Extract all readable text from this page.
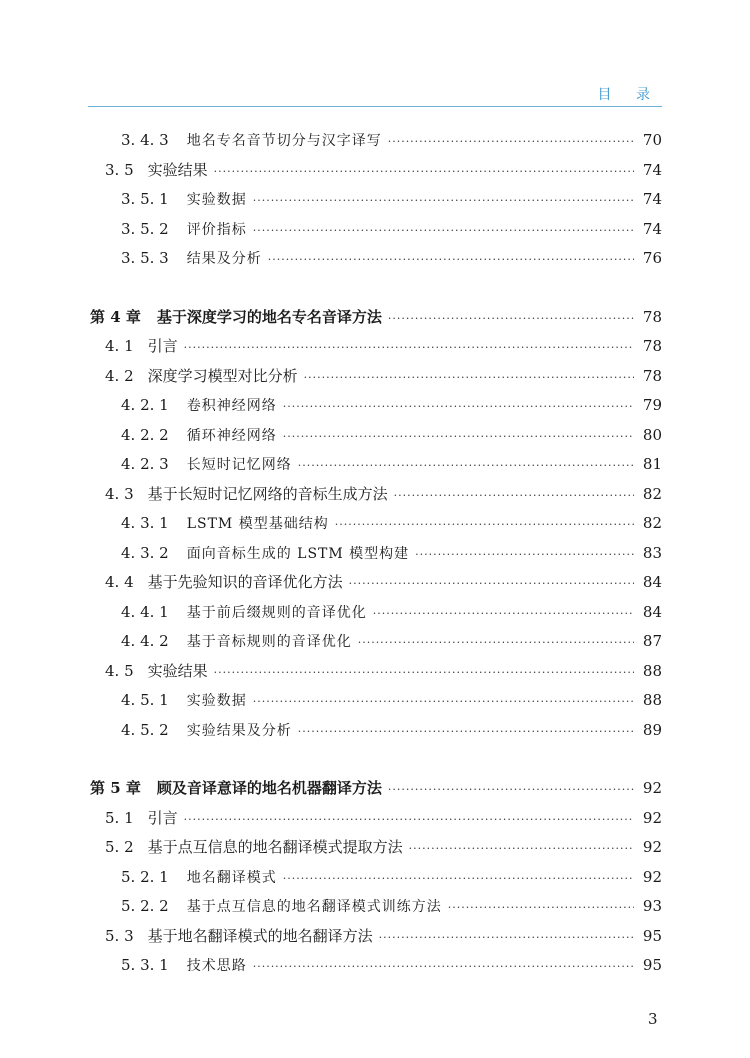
目 录
3. 4. 3 地名专名音节切分与汉字译写 ·····	70
3. 5 实验结果 ·····	74
3. 5. 1 实验数据 ·····	74
3. 5. 2 评价指标 ·····	74
3. 5. 3 结果及分析 ·····	76
第 4 章 基于深度学习的地名专名音译方法 ·····	78
4. 1 引言 ·····	78
4. 2 深度学习模型对比分析 ·····	78
4. 2. 1 卷积神经网络 ·····	79
4. 2. 2 循环神经网络 ·····	80
4. 2. 3 长短时记忆网络 ·····	81
4. 3 基于长短时记忆网络的音标生成方法 ·····	82
4. 3. 1 LSTM 模型基础结构 ·····	82
4. 3. 2 面向音标生成的 LSTM 模型构建 ·····	83
4. 4 基于先验知识的音译优化方法 ·····	84
4. 4. 1 基于前后缀规则的音译优化 ·····	84
4. 4. 2 基于音标规则的音译优化 ·····	87
4. 5 实验结果 ·····	88
4. 5. 1 实验数据 ·····	88
4. 5. 2 实验结果及分析 ·····	89
第 5 章 顾及音译意译的地名机器翻译方法 ·····	92
5. 1 引言 ·····	92
5. 2 基于点互信息的地名翻译模式提取方法 ·····	92
5. 2. 1 地名翻译模式 ·····	92
5. 2. 2 基于点互信息的地名翻译模式训练方法 ·····	93
5. 3 基于地名翻译模式的地名翻译方法 ·····	95
5. 3. 1 技术思路 ·····	95
3
